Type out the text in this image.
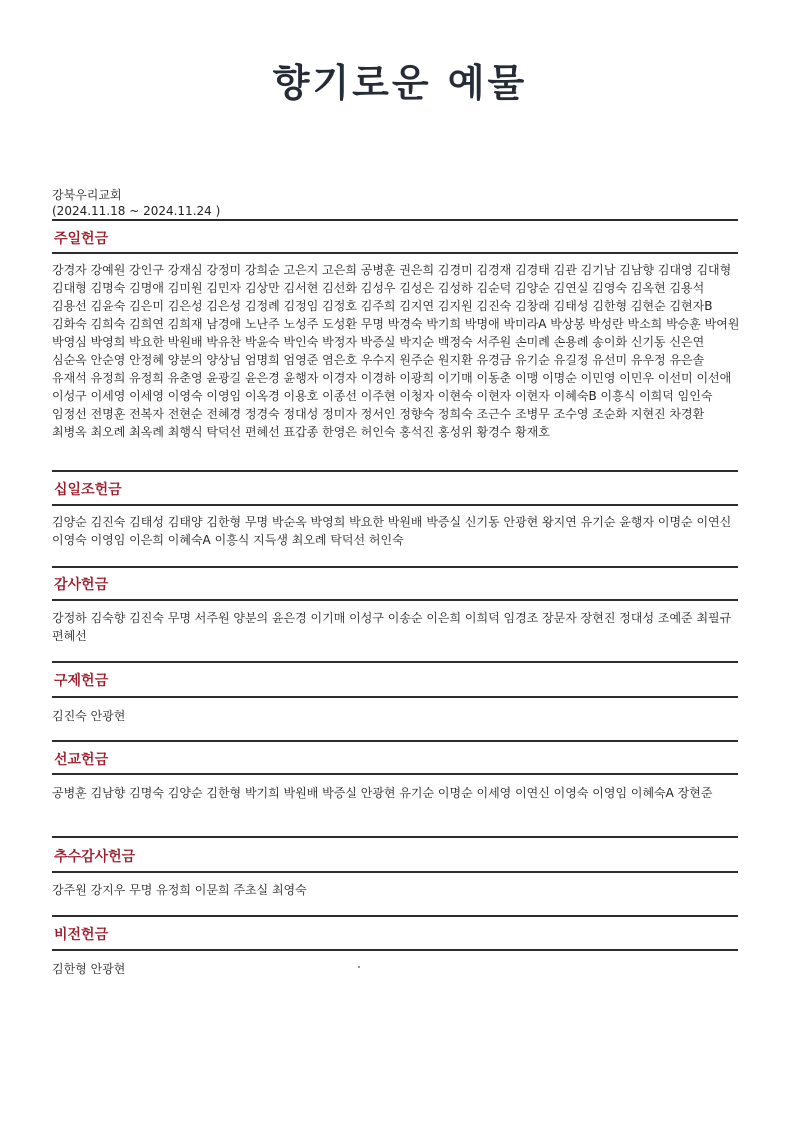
향기로운 예물
강북우리교회
(2024.11.18 ~ 2024.11.24 )
주일헌금
강경자 강예원 강인구 강재심 강정미 강희순 고은지 고은희 공병훈 권은희 김경미 김경재 김경태 김관 김기남 김남향 김대영 김대형 김대형 김명숙 김명애 김미원 김민자 김상만 김서현 김선화 김성우 김성은 김성하 김순덕 김양순 김연실 김영숙 김옥현 김용석 김용선 김윤숙 김은미 김은성 김은성 김정례 김정임 김정호 김주희 김지연 김지원 김진숙 김창래 김태성 김한형 김현순 김현자B 김화숙 김희숙 김희연 김희재 남경애 노난주 노성주 도성환 무명 박경숙 박기희 박명애 박미라A 박상봉 박성란 박소희 박승훈 박여원 박영심 박영희 박요한 박원배 박유찬 박윤숙 박인숙 박정자 박증실 박지순 백정숙 서주원 손미례 손용례 송이화 신기동 신은연 심순옥 안순영 안정혜 양분의 양상님 엄명희 엄영준 염은호 우수지 원주순 원지환 유경금 유기순 유길정 유선미 유우정 유은솔 유재석 유정희 유정희 유춘영 윤광길 윤은경 윤행자 이경자 이경하 이광희 이기매 이동춘 이맹 이명순 이민영 이민우 이선미 이선애 이성구 이세영 이세영 이영숙 이영임 이옥경 이용호 이종선 이주현 이청자 이현숙 이현자 이현자 이혜숙B 이흥식 이희덕 임인숙 임정선 전명훈 전복자 전현순 전혜경 정경숙 정대성 정미자 정서인 정향숙 정희숙 조근수 조병무 조수영 조순화 지현진 차경환 최병옥 최오례 최옥례 최행식 탁덕선 편혜선 표갑종 한영은 허인숙 홍석진 홍성위 황경수 황재호
십일조헌금
김양순 김진숙 김태성 김태양 김한형 무명 박순옥 박영희 박요한 박원배 박증실 신기동 안광현 왕지연 유기순 윤행자 이명순 이연신 이영숙 이영임 이은희 이혜숙A 이흥식 지득생 최오례 탁덕선 허인숙
감사헌금
강정하 김숙향 김진숙 무명 서주원 양분의 윤은경 이기매 이성구 이송순 이은희 이희덕 임경조 장문자 장현진 정대성 조예준 최필규 편혜선
구제헌금
김진숙 안광현
선교헌금
공병훈 김남향 김명숙 김양순 김한형 박기희 박원배 박증실 안광현 유기순 이명순 이세영 이연신 이영숙 이영임 이혜숙A 장현준
추수감사헌금
강주원 강지우 무명 유정희 이문희 주초실 최영숙
비전헌금
김한형 안광현
